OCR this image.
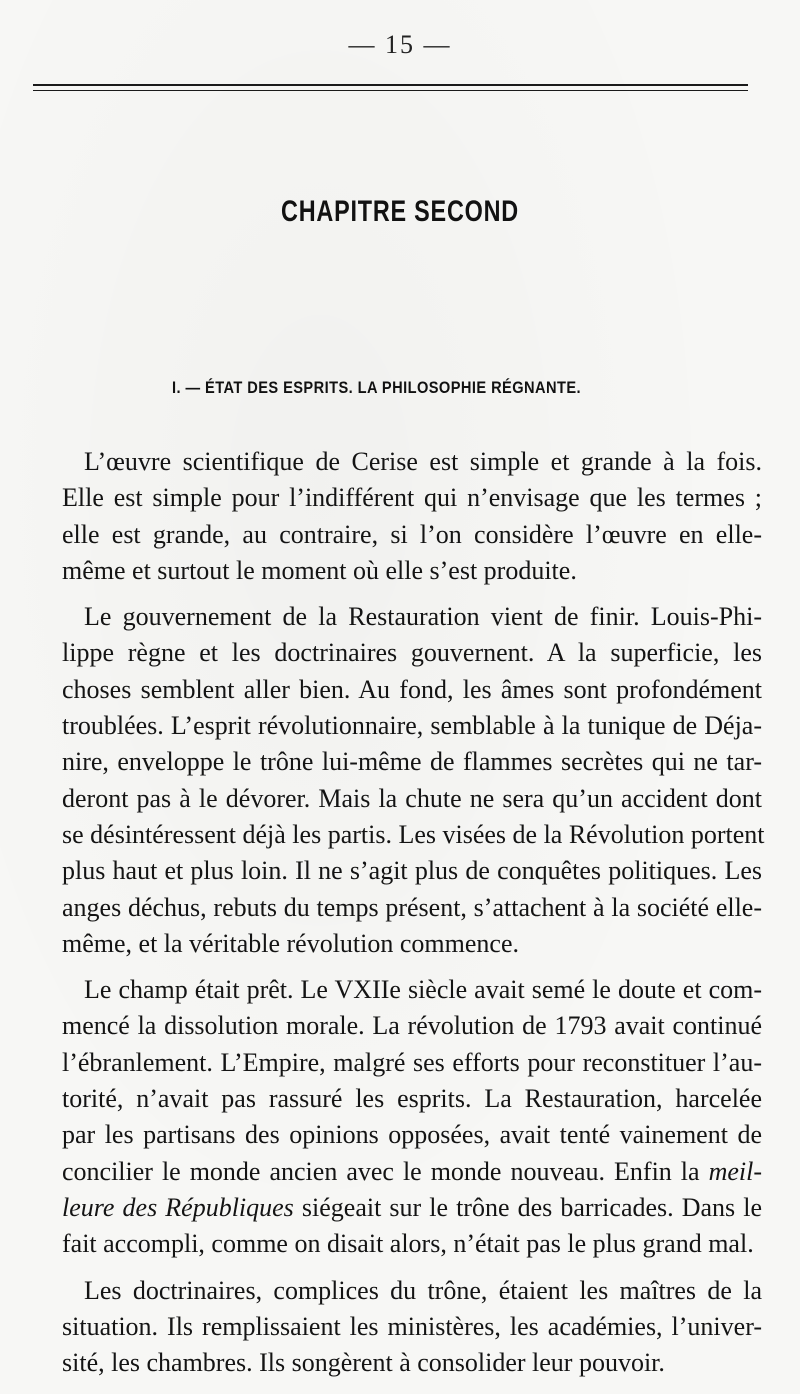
— 15 —
CHAPITRE SECOND
I. — ÉTAT DES ESPRITS. LA PHILOSOPHIE RÉGNANTE.

L’œuvre scientifique de Cerise est simple et grande à la fois.
Elle est simple pour l’indifférent qui n’envisage que les termes ;
elle est grande, au contraire, si l’on considère l’œuvre en elle-
même et surtout le moment où elle s’est produite.

Le gouvernement de la Restauration vient de finir. Louis-Phi-
lippe règne et les doctrinaires gouvernent. A la superficie, les
choses semblent aller bien. Au fond, les âmes sont profondément
troublées. L’esprit révolutionnaire, semblable à la tunique de Déja-
nire, enveloppe le trône lui-même de flammes secrètes qui ne tar-
deront pas à le dévorer. Mais la chute ne sera qu’un accident dont
se désintéressent déjà les partis. Les visées de la Révolution portent
plus haut et plus loin. Il ne s’agit plus de conquêtes politiques. Les
anges déchus, rebuts du temps présent, s’attachent à la société elle-
même, et la véritable révolution commence.

Le champ était prêt. Le VXIIe siècle avait semé le doute et com-
mencé la dissolution morale. La révolution de 1793 avait continué
l’ébranlement. L’Empire, malgré ses efforts pour reconstituer l’au-
torité, n’avait pas rassuré les esprits. La Restauration, harcelée
par les partisans des opinions opposées, avait tenté vainement de
concilier le monde ancien avec le monde nouveau. Enfin la meil-
leure des Républiques siégeait sur le trône des barricades. Dans le
fait accompli, comme on disait alors, n’était pas le plus grand mal.

Les doctrinaires, complices du trône, étaient les maîtres de la
situation. Ils remplissaient les ministères, les académies, l’univer-
sité, les chambres. Ils songèrent à consolider leur pouvoir.
